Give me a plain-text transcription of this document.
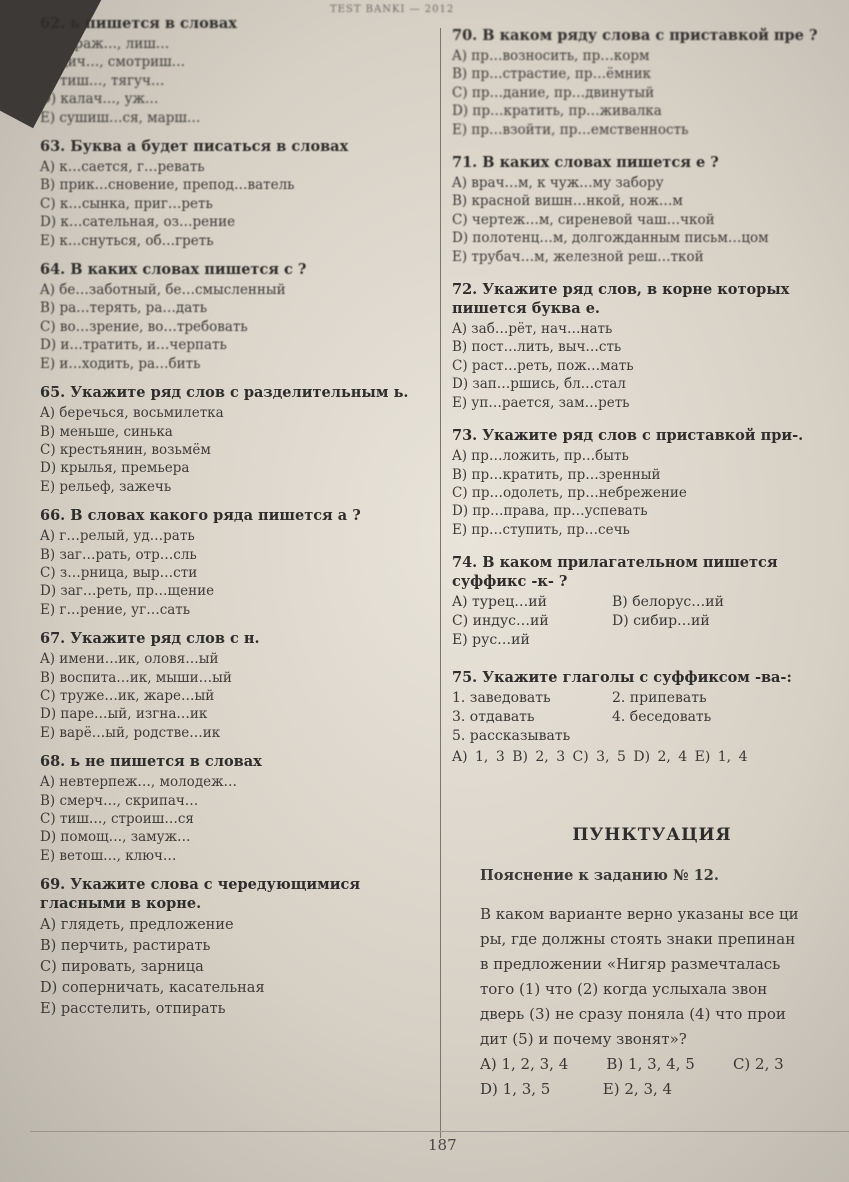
TEST BANKI — 2012

62. ь пишется в словах

A) гараж…, лиш…

B) дич…, смотриш…

C) тиш…, тягуч…

D) калач…, уж…

E) сушиш…ся, марш…

63. Буква а будет писаться в словах

A) к…сается, г…ревать

B) прик…сновение, препод…ватель

C) к…сынка, приг…реть

D) к…сательная, оз…рение

E) к…снуться, об…греть

64. В каких словах пишется с ?

A) бе…заботный, бе…смысленный

B) ра…терять, ра…дать

C) во…зрение, во…требовать

D) и…тратить, и…черпать

E) и…ходить, ра…бить

65. Укажите ряд слов с разделительным ь.

A) беречься, восьмилетка

B) меньше, синька

C) крестьянин, возьмём

D) крылья, премьера

E) рельеф, зажечь

66. В словах какого ряда пишется а ?

A) г…релый, уд…рать

B) заг…рать, отр…сль

C) з…рница, выр…сти

D) заг…реть, пр…щение

E) г…рение, уг…сать

67. Укажите ряд слов с н.

A) имени…ик, оловя…ый

B) воспита…ик, мыши…ый

C) труже…ик, жаре…ый

D) паре…ый, изгна…ик

E) варё…ый, родстве…ик

68. ь не пишется в словах

A) невтерпеж…, молодеж…

B) смерч…, скрипач…

C) тиш…, строиш…ся

D) помощ…, замуж…

E) ветош…, ключ…

69. Укажите слова с чередующимися гласными в корне.

A) глядеть, предложение

B) перчить, растирать

C) пировать, зарница

D) соперничать, касательная

E) расстелить, отпирать

70. В каком ряду слова с приставкой пре ?

A) пр…возносить, пр…корм

B) пр…страстие, пр…ёмник

C) пр…дание, пр…двинутый

D) пр…кратить, пр…живалка

E) пр…взойти, пр…емственность

71. В каких словах пишется е ?

A) врач…м, к чуж…му забору

B) красной вишн…нкой, нож…м

C) чертеж…м, сиреневой чаш…чкой

D) полотенц…м, долгожданным письм…цом

E) трубач…м, железной реш…ткой

72. Укажите ряд слов, в корне которых пишется буква е.

A) заб…рёт, нач…нать

B) пост…лить, выч…сть

C) раст…реть, пож…мать

D) зап…ршись, бл…стал

E) уп…рается, зам…реть

73. Укажите ряд слов с приставкой при-.

A) пр…ложить, пр…быть

B) пр…кратить, пр…зренный

C) пр…одолеть, пр…небрежение

D) пр…права, пр…успевать

E) пр…ступить, пр…сечь

74. В каком прилагательном пишется суффикс -к- ?

A) турец…ий	B) белорус…ий
C) индус…ий	D) сибир…ий
E) рус…ий

75. Укажите глаголы с суффиксом -ва-:

1. заведовать	2. припевать
3. отдавать	4. беседовать
5. рассказывать

A) 1, 3 B) 2, 3 C) 3, 5 D) 2, 4 E) 1, 4

ПУНКТУАЦИЯ

Пояснение к заданию № 12.

В каком варианте верно указаны все ци

ры, где должны стоять знаки препинан

в предложении «Нигяр размечталась

того (1) что (2) когда услыхала звон

дверь (3) не сразу поняла (4) что прои

дит (5) и почему звонят»?

A) 1, 2, 3, 4        B) 1, 3, 4, 5        C) 2, 3

D) 1, 3, 5           E) 2, 3, 4

187
